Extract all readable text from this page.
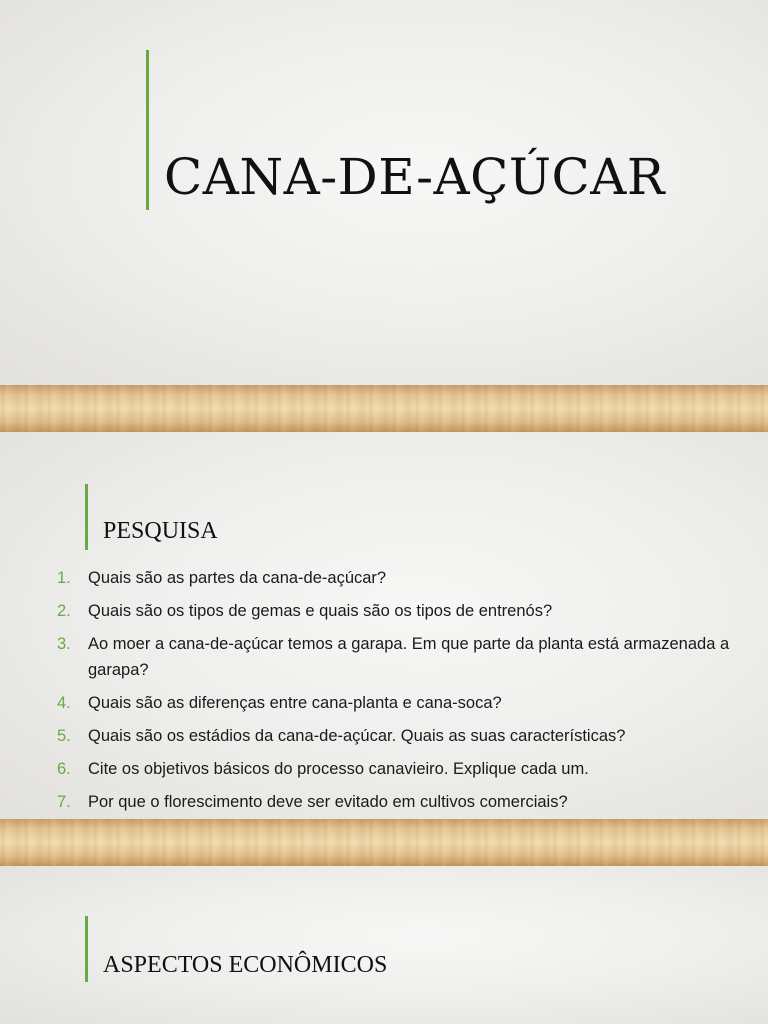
CANA-DE-AÇÚCAR
PESQUISA
1.	Quais são as partes da cana-de-açúcar?
2.	Quais são os tipos de gemas e quais são os tipos de entrenós?
3.	Ao moer a cana-de-açúcar temos a garapa. Em que parte da planta está armazenada a garapa?
4.	Quais são as diferenças entre cana-planta e cana-soca?
5.	Quais são os estádios da cana-de-açúcar. Quais as suas características?
6.	Cite os objetivos básicos do processo canavieiro. Explique cada um.
7.	Por que o florescimento deve ser evitado em cultivos comerciais?
ASPECTOS ECONÔMICOS
